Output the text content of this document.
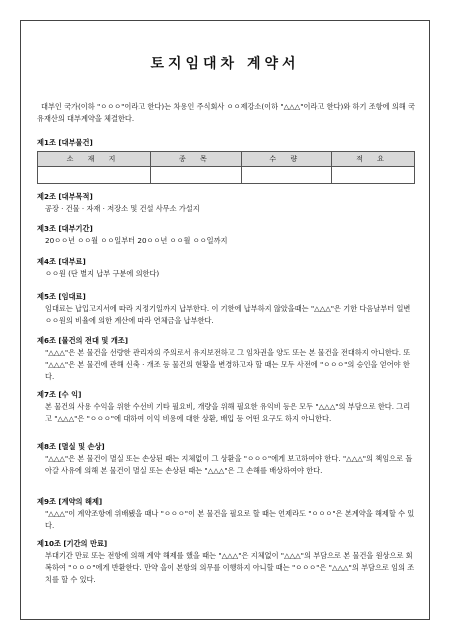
토지임대차 계약서
대부인 국가(이하 "ㅇㅇㅇ"이라고 한다)는 차용인 주식회사 ㅇㅇ제강소(이하 "△△△"이라고 한다)와 하기 조항에 의해 국유재산의 대부계약을 체결한다.
제1조 [대부물건]
소 재 지	종 목	수 량	적 요

제2조 [대부목적]
공장 · 건물 · 자재 · 저장소 및 건설 사무소 가설지
제3조 [대부기간]
20ㅇㅇ년 ㅇㅇ월 ㅇㅇ일부터 20ㅇㅇ년 ㅇㅇ월 ㅇㅇ일까지
제4조 [대부료]
ㅇㅇ원 (단 별지 납부 구분에 의한다)
제5조 [임대료]
임대료는 납입고지서에 따라 지정기일까지 납부한다. 이 기한에 납부하지 않았을때는 "△△△"은 기한 다음날부터 일변 ㅇㅇ원의 비율에 의한 계산에 따라 연체금을 납부한다.
제6조 [물건의 전대 및 개조]
"△△△"은 본 물건을 선량한 관리자의 주의로서 유지보전하고 그 임차권을 양도 또는 본 물건을 전대하지 아니한다. 또 "△△△"은 본 물건에 관해 신축 · 개조 등 물건의 현황을 변경하고자 할 때는 모두 사전에 "ㅇㅇㅇ"의 승인을 얻어야 한다.
제7조 [수 익]
본 물건의 사용 수익을 위한 수선비 기타 필요비, 개량을 위해 필요한 유익비 등은 모두 "△△△"의 부담으로 한다. 그리고 "△△△"은 "ㅇㅇㅇ"에 대하여 이익 비용에 대한 상환, 배입 등 어떤 요구도 하지 아니한다.
제8조 [멸실 및 손상]
"△△△"은 본 물건이 멸실 또는 손상된 때는 지체없이 그 상환을 "ㅇㅇㅇ"에게 보고하여야 한다. "△△△"의 책임으로 돌아갈 사유에 의해 본 물건이 멸실 또는 손상된 때는 "△△△"은 그 손해를 배상하여야 한다.
제9조 [계약의 해제]
"△△△"이 계약조항에 위배됐을 때나 "ㅇㅇㅇ"이 본 물건을 필요로 할 때는 언제라도 "ㅇㅇㅇ"은 본계약을 해제할 수 있다.
제10조 [기간의 만료]
부대기간 만료 또는 전항에 의해 계약 해제를 했을 때는 "△△△"은 지체없이 "△△△"의 부담으로 본 물건을 원상으로 회복하여 "ㅇㅇㅇ"에게 반환한다. 만약 을이 본항의 의무를 이행하지 아니할 때는 "ㅇㅇㅇ"은 "△△△"의 부담으로 임의 조치를 할 수 있다.
